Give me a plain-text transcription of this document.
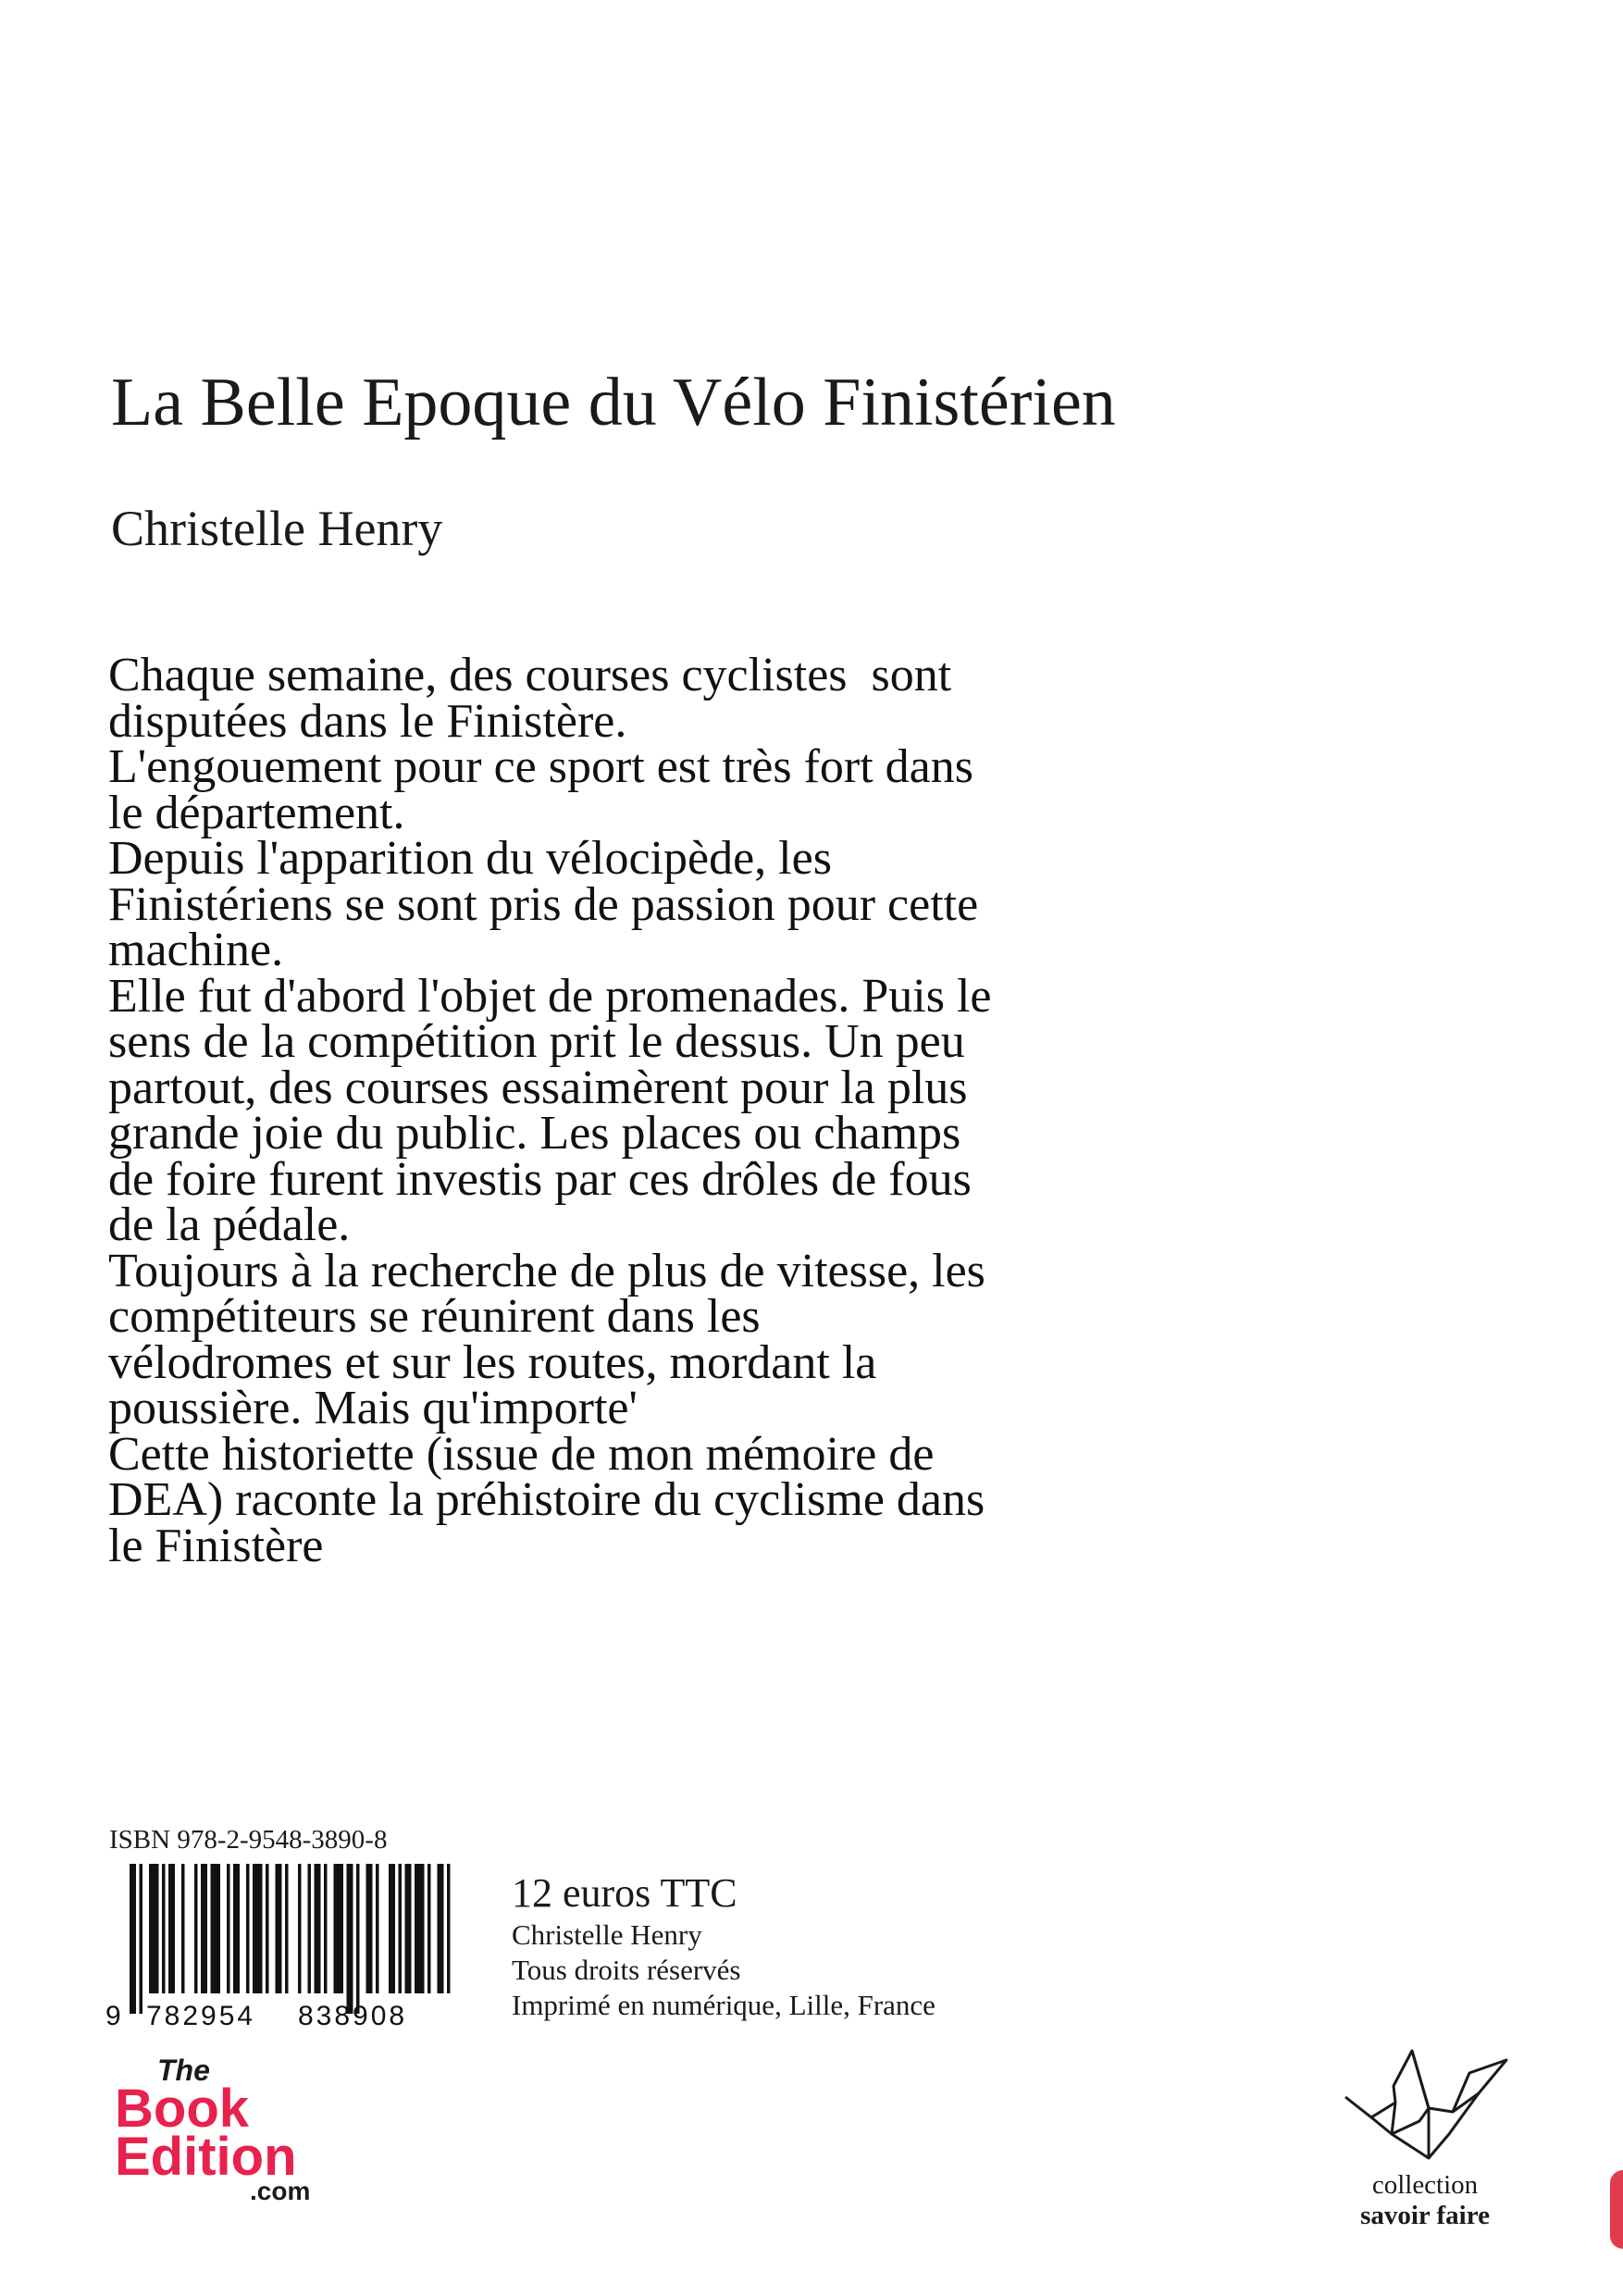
La Belle Epoque du Vélo Finistérien
Christelle Henry
Chaque semaine, des courses cyclistes  sont
disputées dans le Finistère.
L'engouement pour ce sport est très fort dans
le département.
Depuis l'apparition du vélocipède, les
Finistériens se sont pris de passion pour cette
machine.
Elle fut d'abord l'objet de promenades. Puis le
sens de la compétition prit le dessus. Un peu
partout, des courses essaimèrent pour la plus
grande joie du public. Les places ou champs
de foire furent investis par ces drôles de fous
de la pédale.
Toujours à la recherche de plus de vitesse, les
compétiteurs se réunirent dans les
vélodromes et sur les routes, mordant la
poussière. Mais qu'importe'
Cette historiette (issue de mon mémoire de
DEA) raconte la préhistoire du cyclisme dans
le Finistère
ISBN 978-2-9548-3890-8
9 782954 838908
12 euros TTC
Christelle Henry
Tous droits réservés
Imprimé en numérique, Lille, France
The
Book
Edition
.com	collection
savoir faire
